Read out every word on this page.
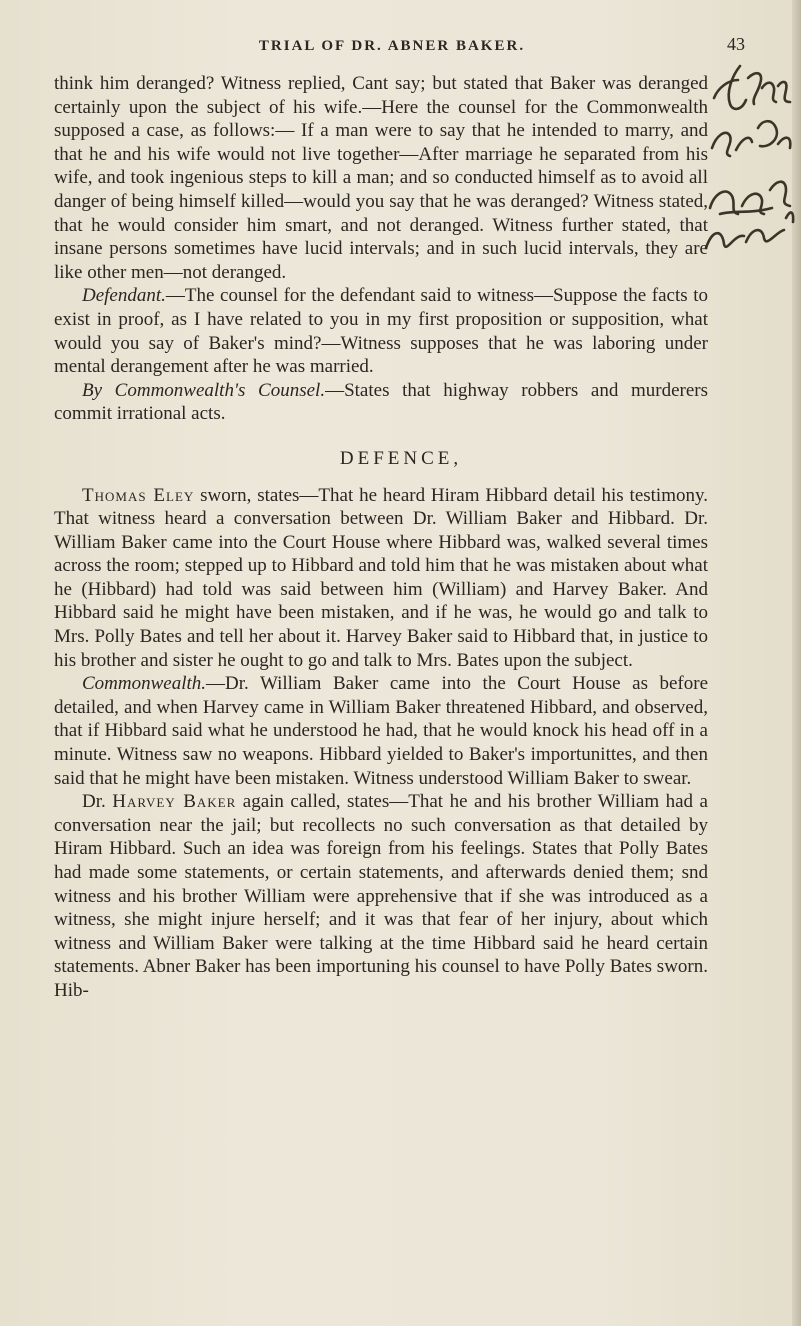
TRIAL OF DR. ABNER BAKER.	43

think him deranged? Witness replied, Cant say; but stated that Baker was deranged certainly upon the subject of his wife.—Here the counsel for the Commonwealth supposed a case, as follows:— If a man were to say that he intended to marry, and that he and his wife would not live together—After marriage he separated from his wife, and took ingenious steps to kill a man; and so conducted himself as to avoid all danger of being himself killed—would you say that he was deranged? Witness stated, that he would consider him smart, and not deranged. Witness further stated, that insane persons sometimes have lucid intervals; and in such lucid intervals, they are like other men—not deranged.

Defendant.—The counsel for the defendant said to witness—Suppose the facts to exist in proof, as I have related to you in my first proposition or supposition, what would you say of Baker's mind?—Witness supposes that he was laboring under mental derangement after he was married.

By Commonwealth's Counsel.—States that highway robbers and murderers commit irrational acts.

DEFENCE,

Thomas Eley sworn, states—That he heard Hiram Hibbard detail his testimony. That witness heard a conversation between Dr. William Baker and Hibbard. Dr. William Baker came into the Court House where Hibbard was, walked several times across the room; stepped up to Hibbard and told him that he was mistaken about what he (Hibbard) had told was said between him (William) and Harvey Baker. And Hibbard said he might have been mistaken, and if he was, he would go and talk to Mrs. Polly Bates and tell her about it. Harvey Baker said to Hibbard that, in justice to his brother and sister he ought to go and talk to Mrs. Bates upon the subject.

Commonwealth.—Dr. William Baker came into the Court House as before detailed, and when Harvey came in William Baker threatened Hibbard, and observed, that if Hibbard said what he understood he had, that he would knock his head off in a minute. Witness saw no weapons. Hibbard yielded to Baker's importunittes, and then said that he might have been mistaken. Witness understood William Baker to swear.

Dr. Harvey Baker again called, states—That he and his brother William had a conversation near the jail; but recollects no such conversation as that detailed by Hiram Hibbard. Such an idea was foreign from his feelings. States that Polly Bates had made some statements, or certain statements, and afterwards denied them; snd witness and his brother William were apprehensive that if she was introduced as a witness, she might injure herself; and it was that fear of her injury, about which witness and William Baker were talking at the time Hibbard said he heard certain statements. Abner Baker has been importuning his counsel to have Polly Bates sworn. Hib-
